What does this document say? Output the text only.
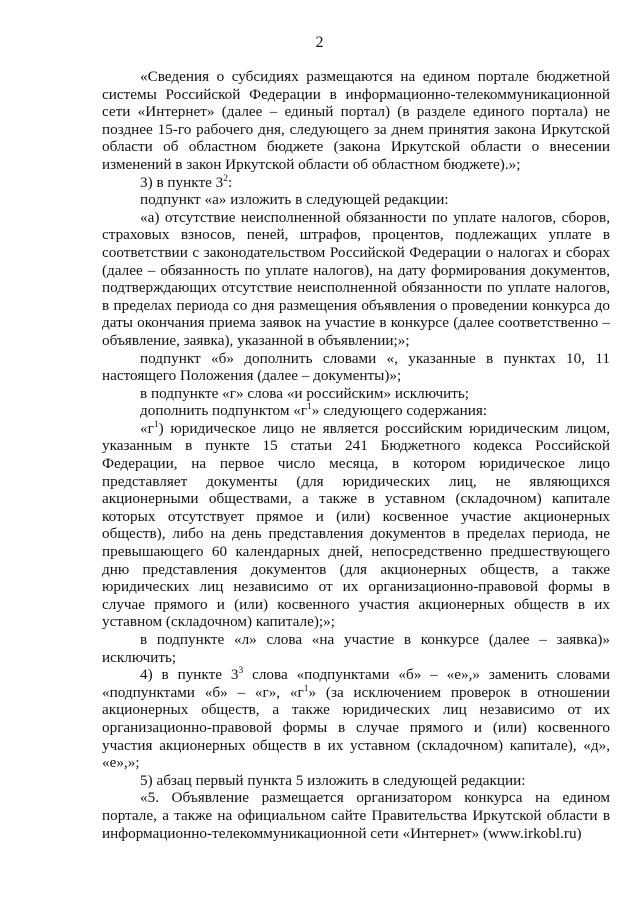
2

«Сведения о субсидиях размещаются на едином портале бюджетной системы Российской Федерации в информационно-телекоммуникационной сети «Интернет» (далее – единый портал) (в разделе единого портала) не позднее 15-го рабочего дня, следующего за днем принятия закона Иркутской области об областном бюджете (закона Иркутской области о внесении изменений в закон Иркутской области об областном бюджете).»;

3) в пункте $3^2$:

подпункт «а» изложить в следующей редакции:

«а) отсутствие неисполненной обязанности по уплате налогов, сборов, страховых взносов, пеней, штрафов, процентов, подлежащих уплате в соответствии с законодательством Российской Федерации о налогах и сборах (далее – обязанность по уплате налогов), на дату формирования документов, подтверждающих отсутствие неисполненной обязанности по уплате налогов, в пределах периода со дня размещения объявления о проведении конкурса до даты окончания приема заявок на участие в конкурсе (далее соответственно – объявление, заявка), указанной в объявлении;»;

подпункт «б» дополнить словами «, указанные в пунктах 10, 11 настоящего Положения (далее – документы)»;

в подпункте «г» слова «и российским» исключить;

дополнить подпунктом «$г^1$» следующего содержания:

«$г^1$) юридическое лицо не является российским юридическим лицом, указанным в пункте 15 статьи 241 Бюджетного кодекса Российской Федерации, на первое число месяца, в котором юридическое лицо представляет документы (для юридических лиц, не являющихся акционерными обществами, а также в уставном (складочном) капитале которых отсутствует прямое и (или) косвенное участие акционерных обществ), либо на день представления документов в пределах периода, не превышающего 60 календарных дней, непосредственно предшествующего дню представления документов (для акционерных обществ, а также юридических лиц независимо от их организационно-правовой формы в случае прямого и (или) косвенного участия акционерных обществ в их уставном (складочном) капитале);»;

в подпункте «л» слова «на участие в конкурсе (далее – заявка)» исключить;

4) в пункте $3^3$ слова «подпунктами «б» – «е»,» заменить словами «подпунктами «б» – «г», «$г^1$» (за исключением проверок в отношении акционерных обществ, а также юридических лиц независимо от их организационно-правовой формы в случае прямого и (или) косвенного участия акционерных обществ в их уставном (складочном) капитале), «д», «е»,»;

5) абзац первый пункта 5 изложить в следующей редакции:

«5. Объявление размещается организатором конкурса на едином портале, а также на официальном сайте Правительства Иркутской области в информационно-телекоммуникационной сети «Интернет» (www.irkobl.ru)
